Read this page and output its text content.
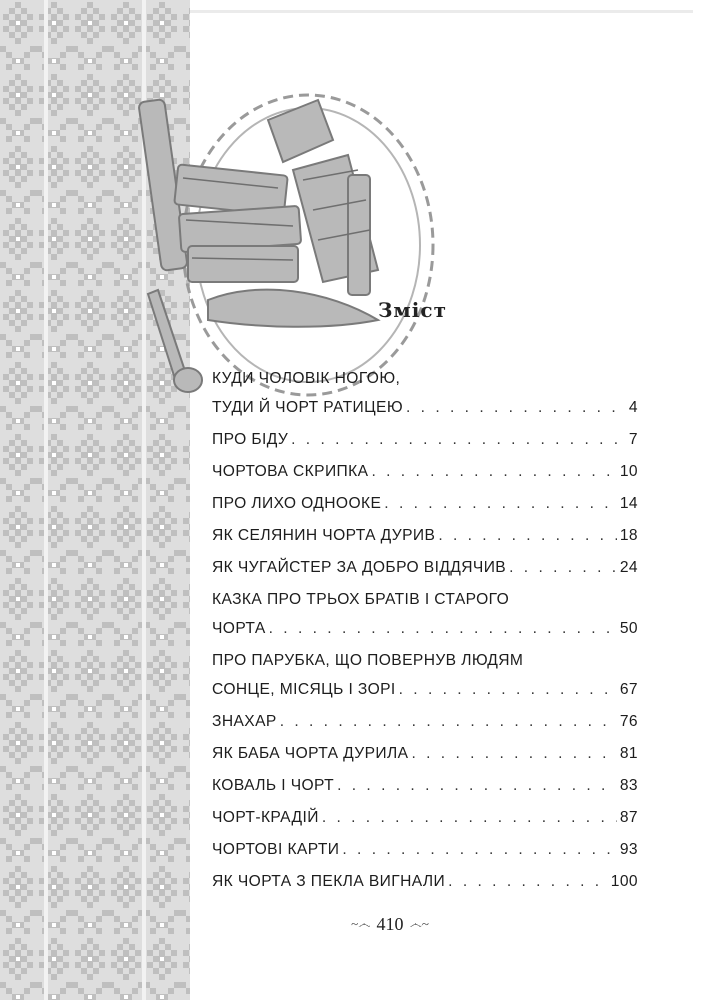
Зміст
КУДИ ЧОЛОВІК НОГОЮ,
ТУДИ Й ЧОРТ РАТИЦЕЮ . . .	4
ПРО БІДУ . . .	7
ЧОРТОВА СКРИПКА . . .	10
ПРО ЛИХО ОДНООКЕ . . .	14
ЯК СЕЛЯНИН ЧОРТА ДУРИВ . . .	18
ЯК ЧУГАЙСТЕР ЗА ДОБРО ВІДДЯЧИВ . . .	24
КАЗКА ПРО ТРЬОХ БРАТІВ І СТАРОГО
ЧОРТА . . .	50
ПРО ПАРУБКА, ЩО ПОВЕРНУВ ЛЮДЯМ
СОНЦЕ, МІСЯЦЬ І ЗОРІ . . .	67
ЗНАХАР . . .	76
ЯК БАБА ЧОРТА ДУРИЛА . . .	81
КОВАЛЬ І ЧОРТ . . .	83
ЧОРТ-КРАДІЙ . . .	87
ЧОРТОВІ КАРТИ . . .	93
ЯК ЧОРТА З ПЕКЛА ВИГНАЛИ . . .	100
~෴ 410 ෴~
